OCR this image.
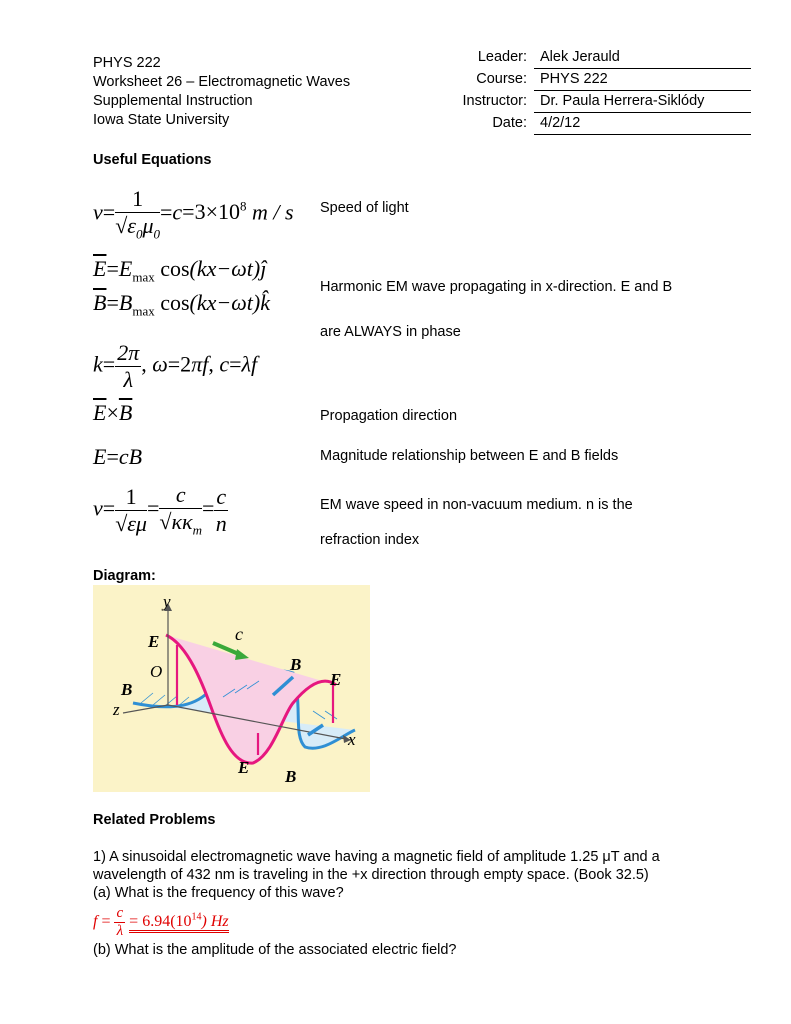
PHYS 222
Worksheet 26 – Electromagnetic Waves
Supplemental Instruction
Iowa State University
Leader: Alek Jerauld
Course: PHYS 222
Instructor: Dr. Paula Herrera-Siklódy
Date: 4/2/12
Useful Equations
$v= \frac{1}{√\varepsilon_0\mu_0} =c=3\times 10^8$ m / s Speed of light
$\overline{E}=E_{max}$ cos(kx−ωt)ĵ
$\overline{B}=B_{max}$ cos(kx−ωt)k̂
Harmonic EM wave propagating in x-direction. E and B
are ALWAYS in phase
$k= \frac{2\pi}{\lambda}$ , ω=2πf, c=λf
$\overline{E}\times\overline{B}$	Propagation direction
E=cB	Magnitude relationship between E and B fields
$v= \frac{1}{√\varepsilon\mu} = \frac{c}{√\kappa\kappa_m} = \frac{c}{n}$	EM wave speed in non-vacuum medium. n is the
refraction index
Diagram:
y
x
z
O
c
E
B
B
E
E B
Related Problems
1) A sinusoidal electromagnetic wave having a magnetic field of amplitude 1.25 μT and a
wavelength of 432 nm is traveling in the +x direction through empty space. (Book 32.5)
(a) What is the frequency of this wave?
$f = \frac{c}{\lambda} = 6.94(10^{14})$ Hz
(b) What is the amplitude of the associated electric field?
